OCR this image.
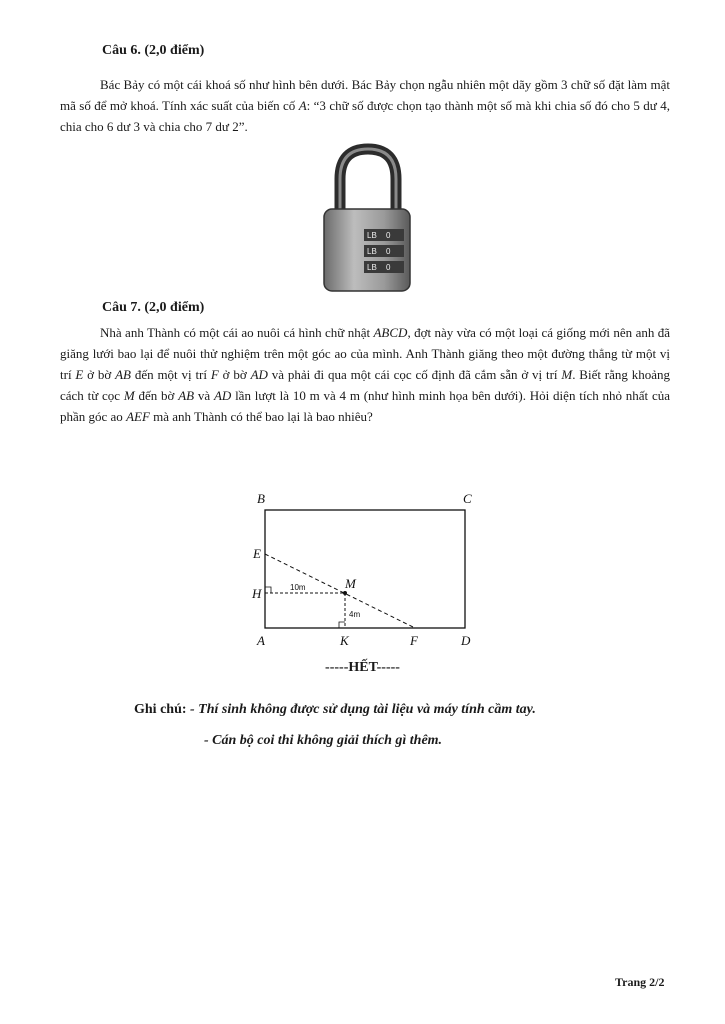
Câu 6. (2,0 điểm)

Bác Bảy có một cái khoá số như hình bên dưới. Bác Bảy chọn ngẫu nhiên một dãy gồm 3 chữ số đặt làm mật mã số để mở khoá. Tính xác suất của biến cố A: “3 chữ số được chọn tạo thành một số mà khi chia số đó cho 5 dư 4, chia cho 6 dư 3 và chia cho 7 dư 2”.

LB
LB
LB
0
0
0
Câu 7. (2,0 điểm)

Nhà anh Thành có một cái ao nuôi cá hình chữ nhật ABCD, đợt này vừa có một loại cá giống mới nên anh đã giăng lưới bao lại để nuôi thử nghiệm trên một góc ao của mình. Anh Thành giăng theo một đường thẳng từ một vị trí E ở bờ AB đến một vị trí F ở bờ AD và phải đi qua một cái cọc cố định đã cắm sẵn ở vị trí M. Biết rằng khoảng cách từ cọc M đến bờ AB và AD lần lượt là 10 m và 4 m (như hình minh họa bên dưới). Hỏi diện tích nhỏ nhất của phần góc ao AEF mà anh Thành có thể bao lại là bao nhiêu?

B	C
E
H
M
A	K	F	D
10m
4m
-----HẾT-----
Ghi chú: - Thí sinh không được sử dụng tài liệu và máy tính cầm tay.
- Cán bộ coi thi không giải thích gì thêm.
Trang 2/2
